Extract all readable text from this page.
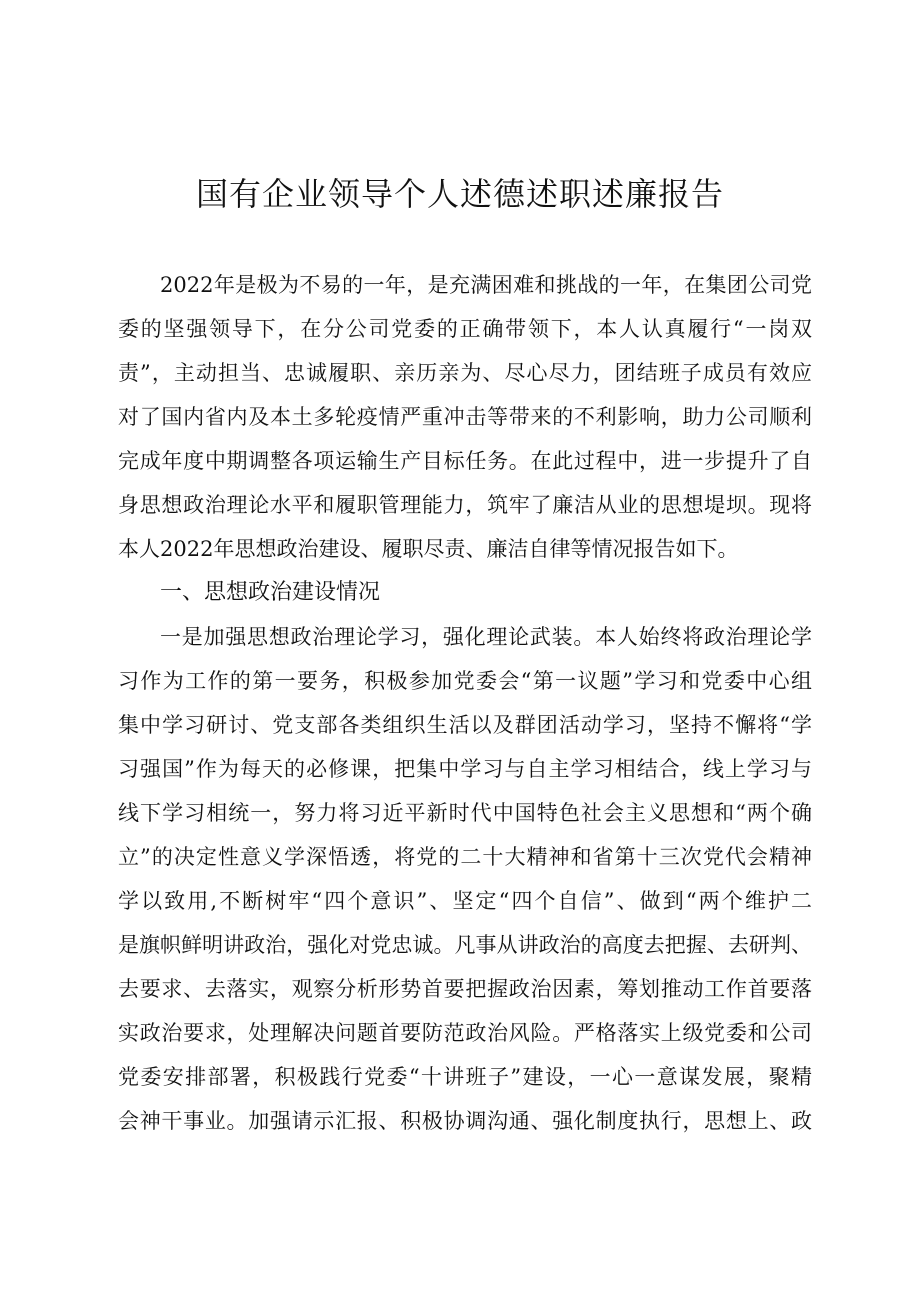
国有企业领导个人述德述职述廉报告
2022年是极为不易的一年，是充满困难和挑战的一年，在集团公司党
委的坚强领导下，在分公司党委的正确带领下，本人认真履行“一岗双
责”，主动担当、忠诚履职、亲历亲为、尽心尽力，团结班子成员有效应
对了国内省内及本土多轮疫情严重冲击等带来的不利影响，助力公司顺利
完成年度中期调整各项运输生产目标任务。在此过程中，进一步提升了自
身思想政治理论水平和履职管理能力，筑牢了廉洁从业的思想堤坝。现将
本人2022年思想政治建设、履职尽责、廉洁自律等情况报告如下。
一、思想政治建设情况
一是加强思想政治理论学习，强化理论武装。本人始终将政治理论学
习作为工作的第一要务，积极参加党委会“第一议题”学习和党委中心组
集中学习研讨、党支部各类组织生活以及群团活动学习，坚持不懈将“学
习强国”作为每天的必修课，把集中学习与自主学习相结合，线上学习与
线下学习相统一，努力将习近平新时代中国特色社会主义思想和“两个确
立”的决定性意义学深悟透，将党的二十大精神和省第十三次党代会精神
学以致用,不断树牢“四个意识”、坚定“四个自信”、做到“两个维护二
是旗帜鲜明讲政治，强化对党忠诚。凡事从讲政治的高度去把握、去研判、
去要求、去落实，观察分析形势首要把握政治因素，筹划推动工作首要落
实政治要求，处理解决问题首要防范政治风险。严格落实上级党委和公司
党委安排部署，积极践行党委“十讲班子”建设，一心一意谋发展，聚精
会神干事业。加强请示汇报、积极协调沟通、强化制度执行，思想上、政
